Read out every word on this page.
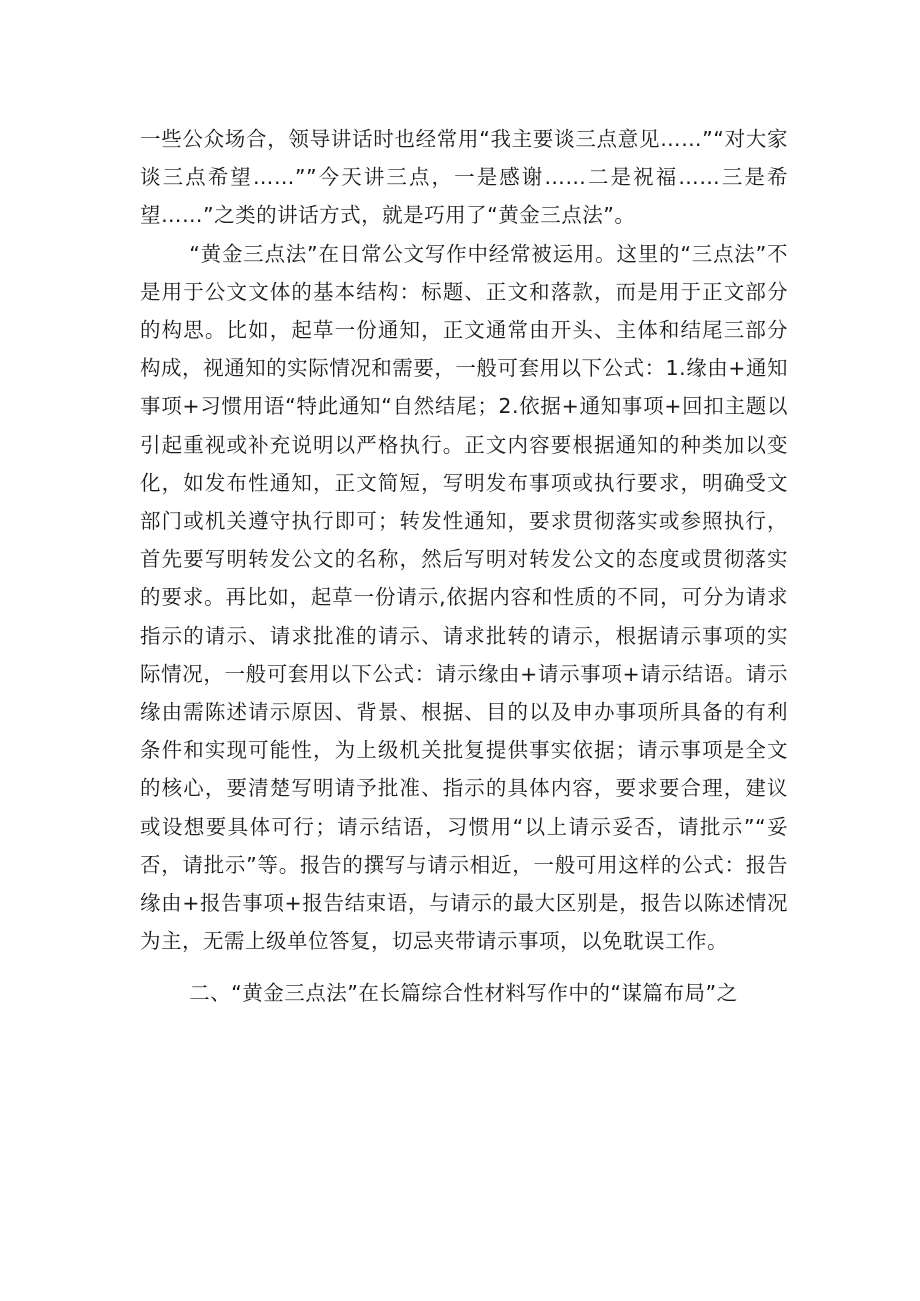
一些公众场合，领导讲话时也经常用“我主要谈三点意见……”“对大家谈三点希望……””今天讲三点，一是感谢……二是祝福……三是希望……”之类的讲话方式，就是巧用了“黄金三点法”。

“黄金三点法”在日常公文写作中经常被运用。这里的“三点法”不是用于公文文体的基本结构：标题、正文和落款，而是用于正文部分的构思。比如，起草一份通知，正文通常由开头、主体和结尾三部分构成，视通知的实际情况和需要，一般可套用以下公式：1.缘由+通知事项+习惯用语“特此通知“自然结尾；2.依据+通知事项+回扣主题以引起重视或补充说明以严格执行。正文内容要根据通知的种类加以变化，如发布性通知，正文简短，写明发布事项或执行要求，明确受文部门或机关遵守执行即可；转发性通知，要求贯彻落实或参照执行，首先要写明转发公文的名称，然后写明对转发公文的态度或贯彻落实的要求。再比如，起草一份请示,依据内容和性质的不同，可分为请求指示的请示、请求批准的请示、请求批转的请示，根据请示事项的实际情况，一般可套用以下公式：请示缘由+请示事项+请示结语。请示缘由需陈述请示原因、背景、根据、目的以及申办事项所具备的有利条件和实现可能性，为上级机关批复提供事实依据；请示事项是全文的核心，要清楚写明请予批准、指示的具体内容，要求要合理，建议或设想要具体可行；请示结语，习惯用“以上请示妥否，请批示”“妥否，请批示”等。报告的撰写与请示相近，一般可用这样的公式：报告缘由+报告事项+报告结束语，与请示的最大区别是，报告以陈述情况为主，无需上级单位答复，切忌夹带请示事项，以免耽误工作。

二、“黄金三点法”在长篇综合性材料写作中的“谋篇布局”之
